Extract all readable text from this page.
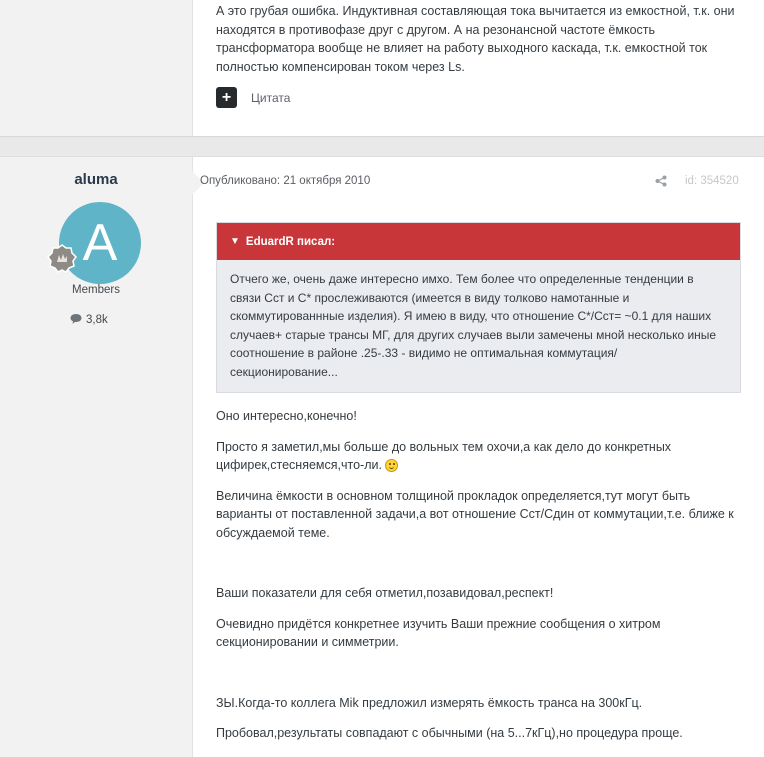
А это грубая ошибка. Индуктивная составляющая тока вычитается из емкостной, т.к. они

находятся в противофазе друг с другом. А на резонансной частоте ёмкость

трансформатора вообще не влияет на работу выходного каскада, т.к. емкостной ток

полностью компенсирован током через Ls.

+	Цитата
aluma
A
Members
3,8k
Опубликовано: 21 октября 2010	id: 354520
▼ EduardR писал:

Отчего же, очень даже интересно имхо. Тем более что определенные тенденции в

связи Сст и С* прослеживаются (имеется в виду толково намотанные и

скоммутированнные изделия). Я имею в виду, что отношение С*/Сст= ~0.1 для наших

случаев+ старые трансы МГ, для других случаев выли замечены мной несколько иные

соотношение в районе .25-.33 - видимо не оптимальная коммутация/

секционирование...

Оно интересно,конечно!

Просто я заметил,мы больше до вольных тем охочи,а как дело до конкретных

цифирек,стесняемся,что-ли.

Величина ёмкости в основном толщиной прокладок определяется,тут могут быть

варианты от поставленной задачи,а вот отношение Сст/Сдин от коммутации,т.е. ближе к

обсуждаемой теме.

Ваши показатели для себя отметил,позавидовал,респект!

Очевидно придётся конкретнее изучить Ваши прежние сообщения о хитром

секционировании и симметрии.

ЗЫ.Когда-то коллега Mik предложил измерять ёмкость транса на 300кГц.

Пробовал,результаты совпадают с обычными (на 5...7кГц),но процедура проще.
